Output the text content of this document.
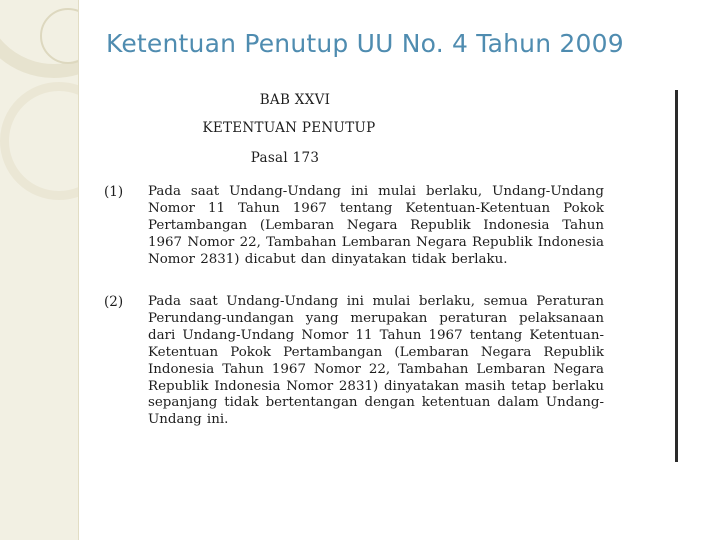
Ketentuan Penutup UU No. 4 Tahun 2009
BAB XXVI
KETENTUAN PENUTUP
Pasal 173
(1) Pada saat Undang-Undang ini mulai berlaku, Undang-Undang Nomor 11 Tahun 1967 tentang Ketentuan-Ketentuan Pokok Pertambangan (Lembaran Negara Republik Indonesia Tahun 1967 Nomor 22, Tambahan Lembaran Negara Republik Indonesia Nomor 2831) dicabut dan dinyatakan tidak berlaku.
(2) Pada saat Undang-Undang ini mulai berlaku, semua Peraturan Perundang-undangan yang merupakan peraturan pelaksanaan dari Undang-Undang Nomor 11 Tahun 1967 tentang Ketentuan-Ketentuan Pokok Pertambangan (Lembaran Negara Republik Indonesia Tahun 1967 Nomor 22, Tambahan Lembaran Negara Republik Indonesia Nomor 2831) dinyatakan masih tetap berlaku sepanjang tidak bertentangan dengan ketentuan dalam Undang-Undang ini.
